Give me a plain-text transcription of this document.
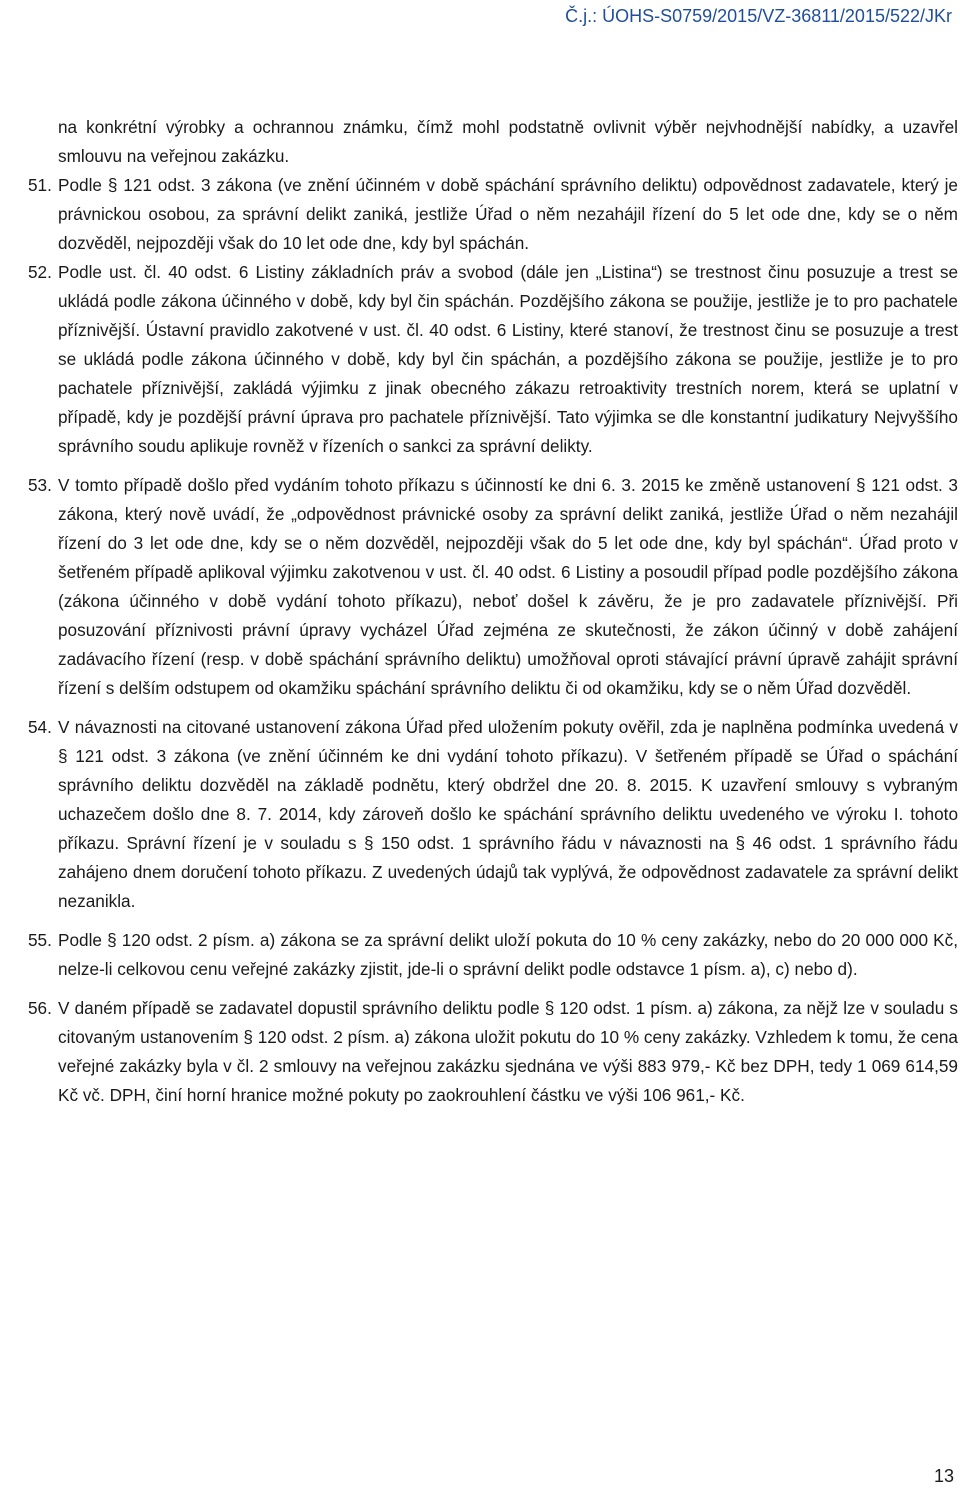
Č.j.: ÚOHS-S0759/2015/VZ-36811/2015/522/JKr

na konkrétní výrobky a ochrannou známku, čímž mohl podstatně ovlivnit výběr nejvhodnější nabídky, a uzavřel smlouvu na veřejnou zakázku.

51. Podle § 121 odst. 3 zákona (ve znění účinném v době spáchání správního deliktu) odpovědnost zadavatele, který je právnickou osobou, za správní delikt zaniká, jestliže Úřad o něm nezahájil řízení do 5 let ode dne, kdy se o něm dozvěděl, nejpozději však do 10 let ode dne, kdy byl spáchán.

52. Podle ust. čl. 40 odst. 6 Listiny základních práv a svobod (dále jen „Listina“) se trestnost činu posuzuje a trest se ukládá podle zákona účinného v době, kdy byl čin spáchán. Pozdějšího zákona se použije, jestliže je to pro pachatele příznivější. Ústavní pravidlo zakotvené v ust. čl. 40 odst. 6 Listiny, které stanoví, že trestnost činu se posuzuje a trest se ukládá podle zákona účinného v době, kdy byl čin spáchán, a pozdějšího zákona se použije, jestliže je to pro pachatele příznivější, zakládá výjimku z jinak obecného zákazu retroaktivity trestních norem, která se uplatní v případě, kdy je pozdější právní úprava pro pachatele příznivější. Tato výjimka se dle konstantní judikatury Nejvyššího správního soudu aplikuje rovněž v řízeních o sankci za správní delikty.

53. V tomto případě došlo před vydáním tohoto příkazu s účinností ke dni 6. 3. 2015 ke změně ustanovení § 121 odst. 3 zákona, který nově uvádí, že „odpovědnost právnické osoby za správní delikt zaniká, jestliže Úřad o něm nezahájil řízení do 3 let ode dne, kdy se o něm dozvěděl, nejpozději však do 5 let ode dne, kdy byl spáchán“. Úřad proto v šetřeném případě aplikoval výjimku zakotvenou v ust. čl. 40 odst. 6 Listiny a posoudil případ podle pozdějšího zákona (zákona účinného v době vydání tohoto příkazu), neboť došel k závěru, že je pro zadavatele příznivější. Při posuzování příznivosti právní úpravy vycházel Úřad zejména ze skutečnosti, že zákon účinný v době zahájení zadávacího řízení (resp. v době spáchání správního deliktu) umožňoval oproti stávající právní úpravě zahájit správní řízení s delším odstupem od okamžiku spáchání správního deliktu či od okamžiku, kdy se o něm Úřad dozvěděl.

54. V návaznosti na citované ustanovení zákona Úřad před uložením pokuty ověřil, zda je naplněna podmínka uvedená v § 121 odst. 3 zákona (ve znění účinném ke dni vydání tohoto příkazu). V šetřeném případě se Úřad o spáchání správního deliktu dozvěděl na základě podnětu, který obdržel dne 20. 8. 2015. K uzavření smlouvy s vybraným uchazečem došlo dne 8. 7. 2014, kdy zároveň došlo ke spáchání správního deliktu uvedeného ve výroku I. tohoto příkazu. Správní řízení je v souladu s § 150 odst. 1 správního řádu v návaznosti na § 46 odst. 1 správního řádu zahájeno dnem doručení tohoto příkazu. Z uvedených údajů tak vyplývá, že odpovědnost zadavatele za správní delikt nezanikla.

55. Podle § 120 odst. 2 písm. a) zákona se za správní delikt uloží pokuta do 10 % ceny zakázky, nebo do 20 000 000 Kč, nelze-li celkovou cenu veřejné zakázky zjistit, jde-li o správní delikt podle odstavce 1 písm. a), c) nebo d).

56. V daném případě se zadavatel dopustil správního deliktu podle § 120 odst. 1 písm. a) zákona, za nějž lze v souladu s citovaným ustanovením § 120 odst. 2 písm. a) zákona uložit pokutu do 10 % ceny zakázky. Vzhledem k tomu, že cena veřejné zakázky byla v čl. 2 smlouvy na veřejnou zakázku sjednána ve výši 883 979,- Kč bez DPH, tedy 1 069 614,59 Kč vč. DPH, činí horní hranice možné pokuty po zaokrouhlení částku ve výši 106 961,- Kč.

13
